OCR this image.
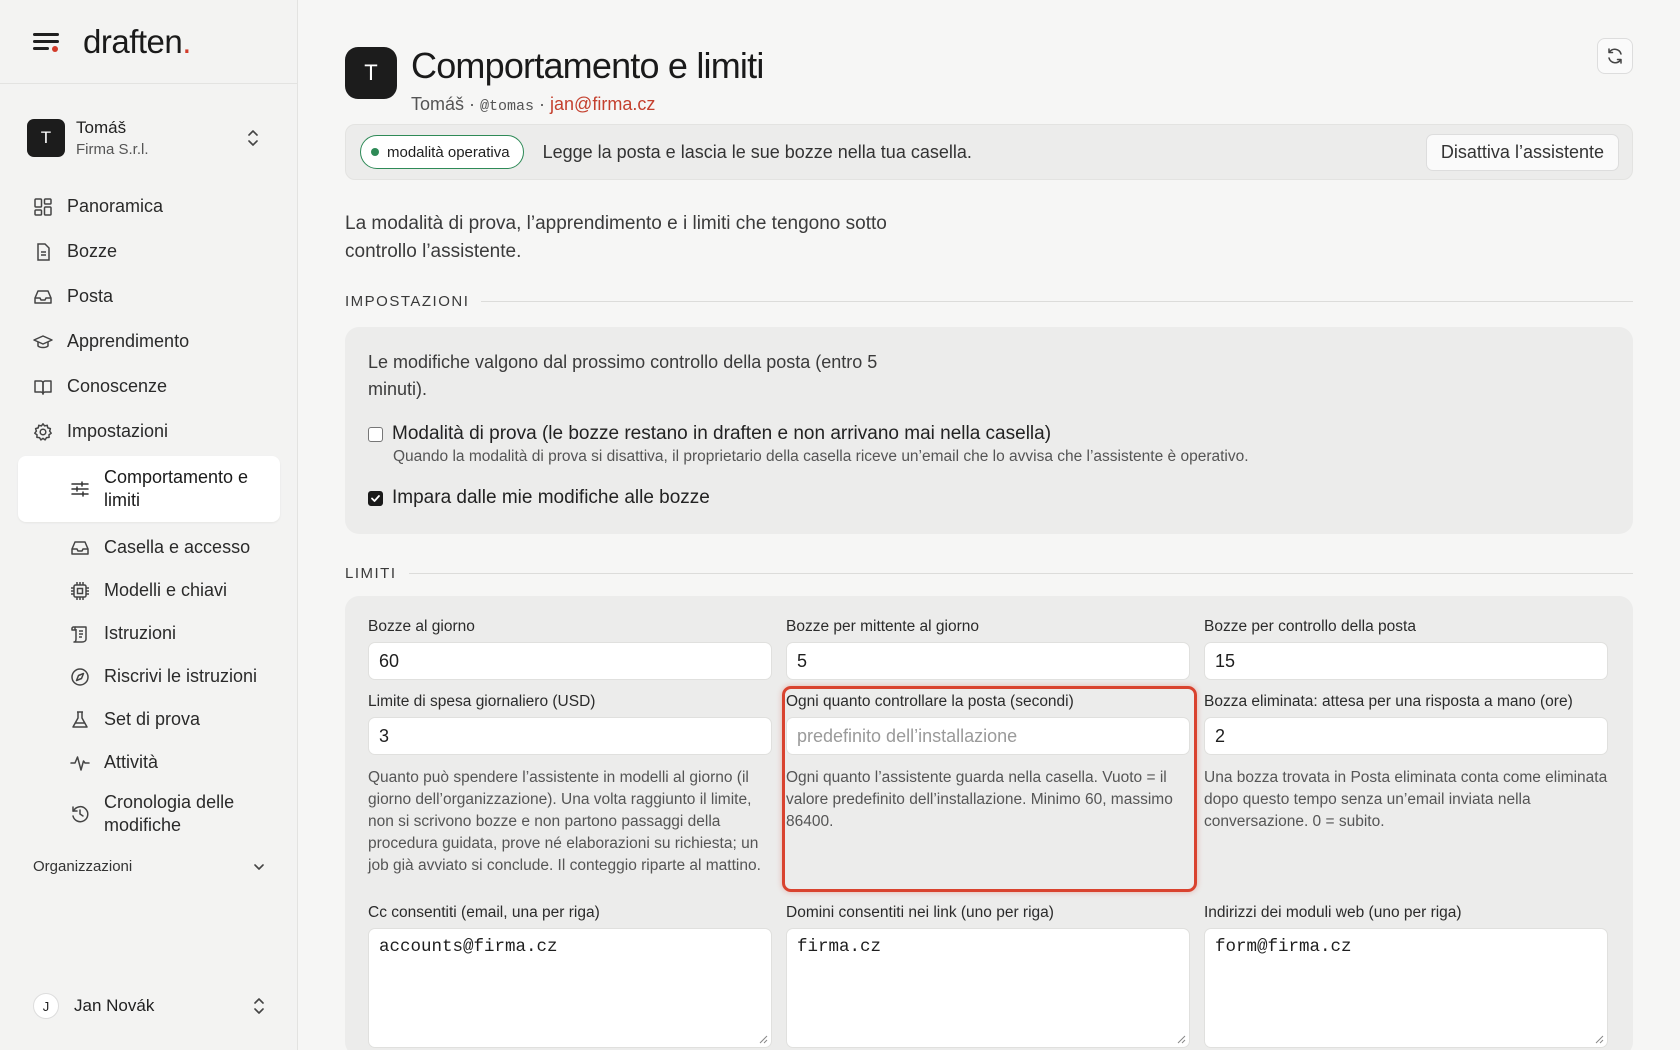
draften.
T
Tomáš
Firma S.r.l.
Panoramica
Bozze
Posta
Apprendimento
Conoscenze
Impostazioni
Comportamento e limiti
Casella e accesso
Modelli e chiavi
Istruzioni
Riscrivi le istruzioni
Set di prova
Attività
Cronologia delle modifiche
Organizzazioni
J	Jan Novák
T Comportamento e limiti
Tomáš · @tomas · jan@firma.cz
modalità operativa Legge la posta e lascia le sue bozze nella tua casella.	Disattiva l’assistente

La modalità di prova, l’apprendimento e i limiti che tengono sotto controllo l’assistente.

IMPOSTAZIONI

Le modifiche valgono dal prossimo controllo della posta (entro 5 minuti).

Modalità di prova (le bozze restano in draften e non arrivano mai nella casella)
Quando la modalità di prova si disattiva, il proprietario della casella riceve un’email che lo avvisa che l’assistente è operativo.
Impara dalle mie modifiche alle bozze
LIMITI
Bozze al giorno
60
Bozze per mittente al giorno
5
Bozze per controllo della posta
15
Limite di spesa giornaliero (USD)
3
Quanto può spendere l’assistente in modelli al giorno (il giorno dell’organizzazione). Una volta raggiunto il limite, non si scrivono bozze e non partono passaggi della procedura guidata, prove né elaborazioni su richiesta; un job già avviato si conclude. Il conteggio riparte al mattino.
Ogni quanto controllare la posta (secondi)
predefinito dell’installazione
Ogni quanto l’assistente guarda nella casella. Vuoto = il valore predefinito dell’installazione. Minimo 60, massimo 86400.
Bozza eliminata: attesa per una risposta a mano (ore)
2
Una bozza trovata in Posta eliminata conta come eliminata dopo questo tempo senza un’email inviata nella conversazione. 0 = subito.
Cc consentiti (email, una per riga)
accounts@firma.cz
Domini consentiti nei link (uno per riga)
firma.cz
Indirizzi dei moduli web (uno per riga)
form@firma.cz
